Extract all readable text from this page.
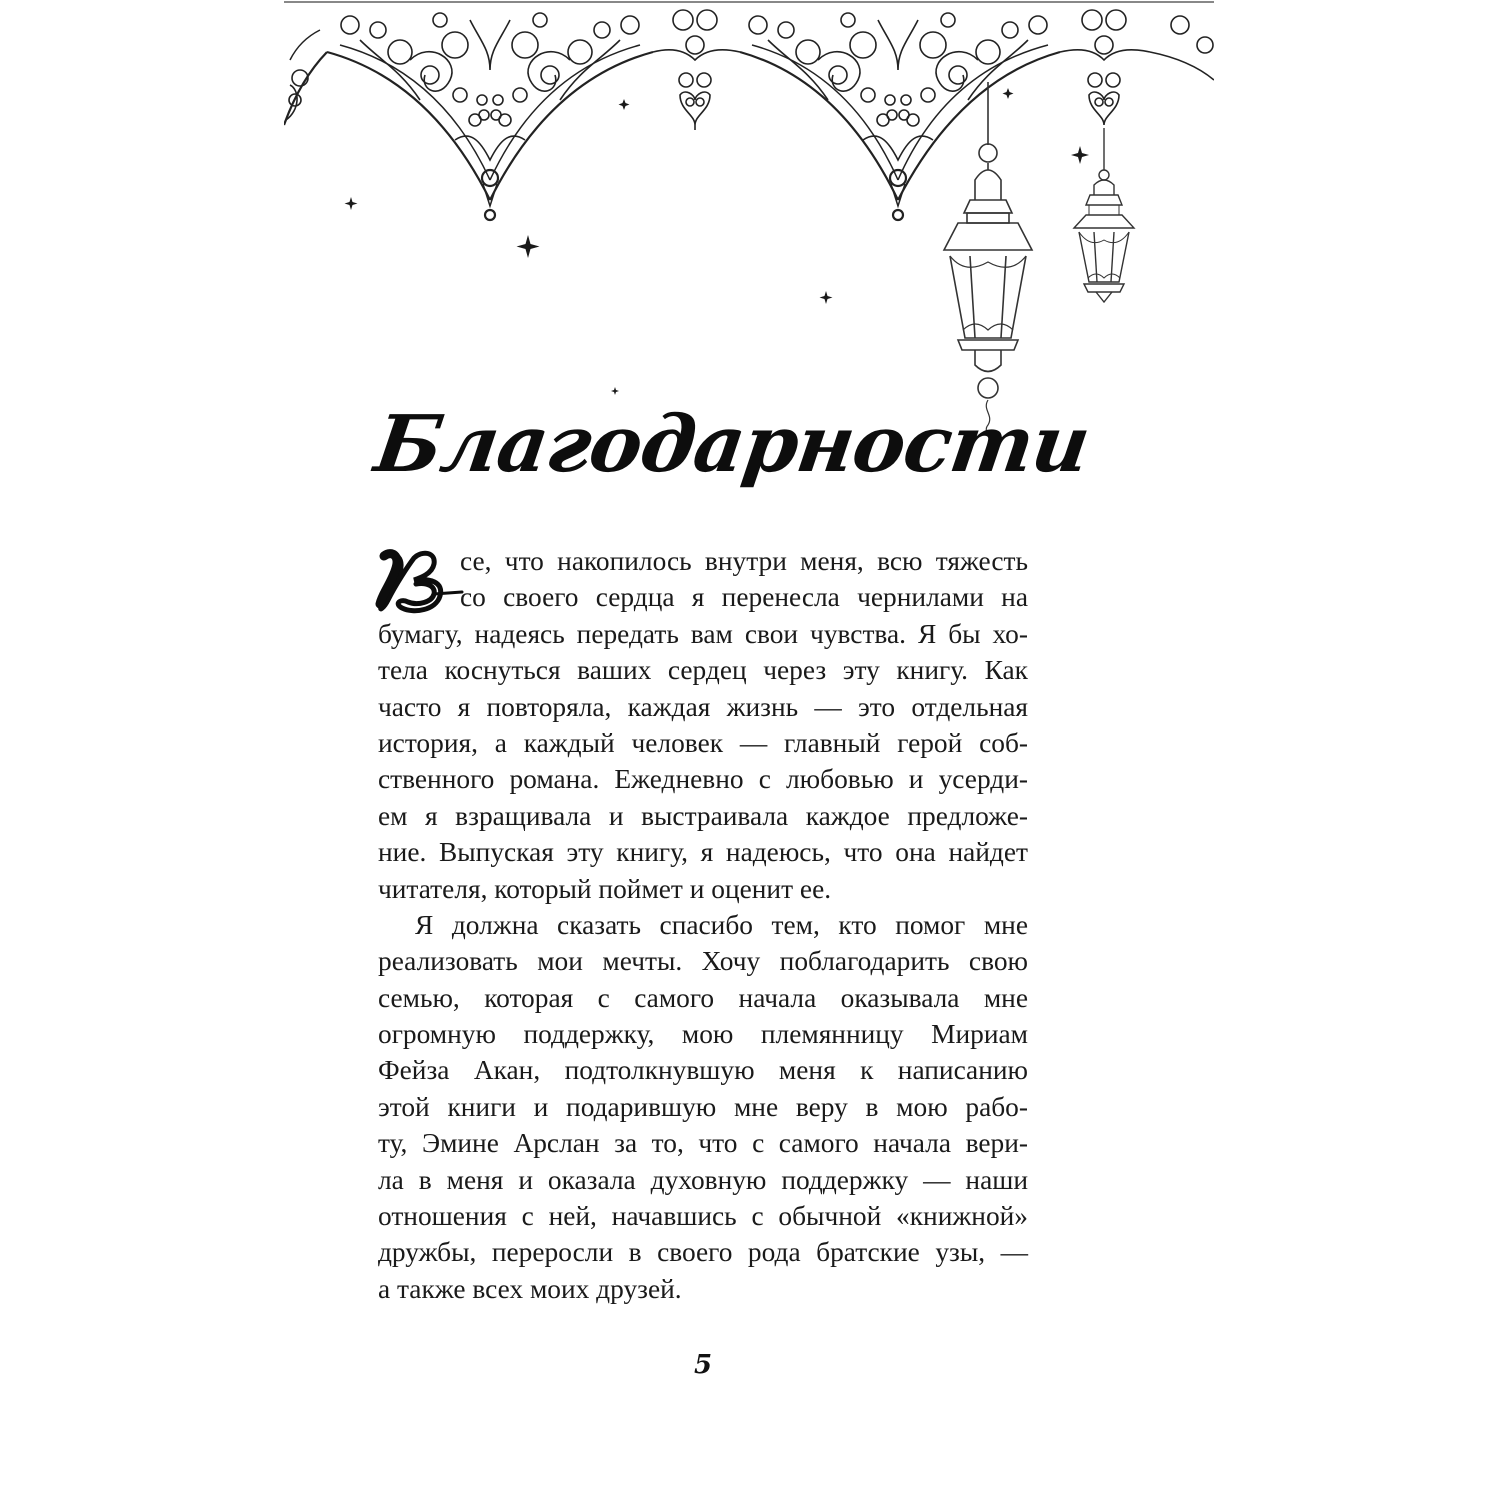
Благодарности
се, что накопилось внутри меня, всю тяжесть
со своего сердца я перенесла чернилами на
бумагу, надеясь передать вам свои чувства. Я бы хо-
тела коснуться ваших сердец через эту книгу. Как
часто я повторяла, каждая жизнь — это отдельная
история, а каждый человек — главный герой соб-
ственного романа. Ежедневно с любовью и усерди-
ем я взращивала и выстраивала каждое предложе-
ние. Выпуская эту книгу, я надеюсь, что она найдет
читателя, который поймет и оценит ее.
Я должна сказать спасибо тем, кто помог мне
реализовать мои мечты. Хочу поблагодарить свою
семью, которая с самого начала оказывала мне
огромную поддержку, мою племянницу Мириам
Фейза Акан, подтолкнувшую меня к написанию
этой книги и подарившую мне веру в мою рабо-
ту, Эмине Арслан за то, что с самого начала вери-
ла в меня и оказала духовную поддержку — наши
отношения с ней, начавшись с обычной «книжной»
дружбы, переросли в своего рода братские узы, —
а также всех моих друзей.
5
